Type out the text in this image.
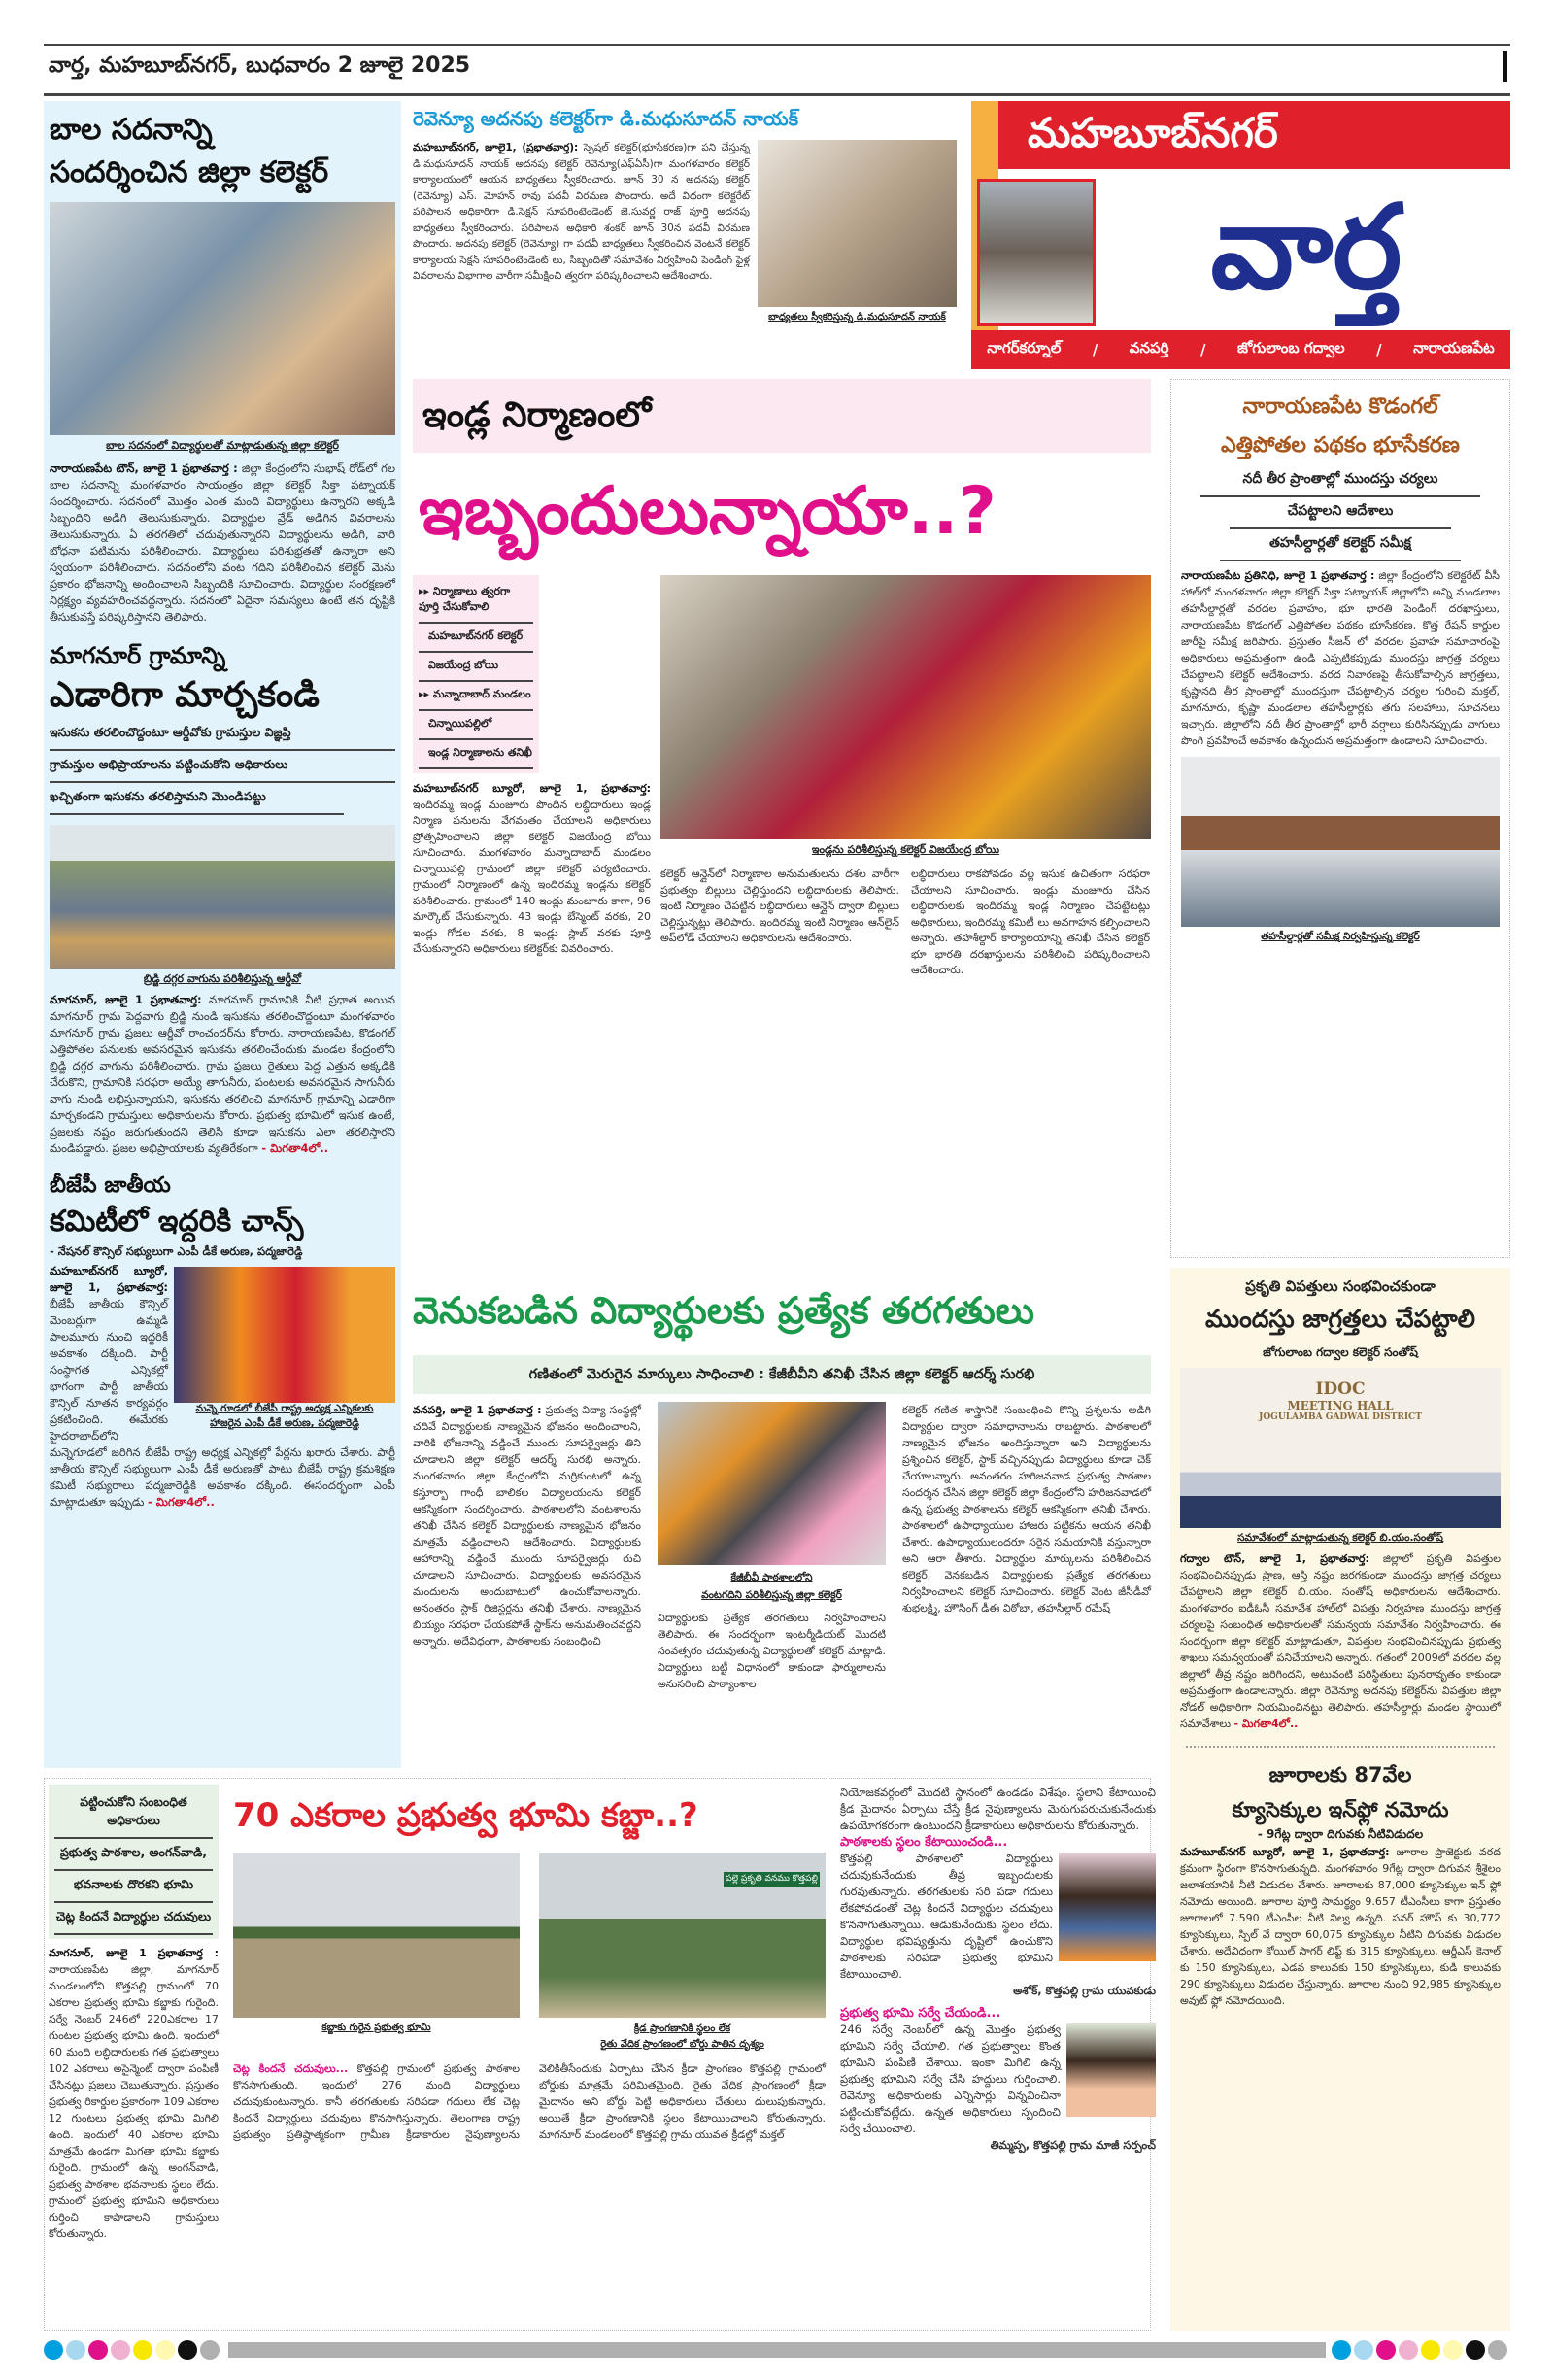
వార్త, మహబూబ్‌నగర్, బుధవారం 2 జూలై 2025
బాల సదనాన్ని
సందర్శించిన జిల్లా కలెక్టర్
బాల సదనంలో విద్యార్థులతో మాట్లాడుతున్న జిల్లా కలెక్టర్
నారాయణపేట టౌన్, జూలై 1 ప్రభాతవార్త : జిల్లా కేంద్రంలోని సుభాష్ రోడ్‌లో గల బాల సదనాన్ని మంగళవారం సాయంత్రం జిల్లా కలెక్టర్ సిక్తా పట్నాయక్ సందర్శించారు. సదనంలో మొత్తం ఎంత మంది విద్యార్థులు ఉన్నారని అక్కడి సిబ్బందిని అడిగి తెలుసుకున్నారు. విద్యార్థుల వ్రేడ్ అడిగిన వివరాలను తెలుసుకున్నారు. ఏ తరగతిలో చదువుతున్నారని విద్యార్థులను అడిగి, వారి బోధనా పటిమను పరిశీలించారు. విద్యార్థులు పరిశుభ్రతతో ఉన్నారా అని స్వయంగా పరిశీలించారు. సదనంలోని వంట గదిని పరిశీలించిన కలెక్టర్ మెను ప్రకారం భోజనాన్ని అందించాలని సిబ్బందికి సూచించారు. విద్యార్థుల సంరక్షణలో నిర్లక్ష్యం వ్యవహరించవద్దన్నారు. సదనంలో ఏదైనా సమస్యలు ఉంటే తన దృష్టికి తీసుకువస్తే పరిష్కరిస్తానని తెలిపారు.
మాగనూర్ గ్రామాన్ని
ఎడారిగా మార్చకండి
ఇసుకను తరలించొద్దంటూ ఆర్డీవోకు గ్రామస్తుల విజ్ఞప్తి
గ్రామస్తుల అభిప్రాయాలను పట్టించుకోని అధికారులు
ఖచ్చితంగా ఇసుకను తరలిస్తామని మొండిపట్టు
బ్రిడ్జి దగ్గర వాగును పరిశీలిస్తున్న ఆర్డీవో
మాగనూర్, జూలై 1 ప్రభాతవార్త: మాగనూర్ గ్రామానికి నీటి ప్రధాత అయిన మాగనూర్ గ్రామ పెద్దవాగు బ్రిడ్జి నుండి ఇసుకను తరలించొద్దంటూ మంగళవారం మాగనూర్ గ్రామ ప్రజలు ఆర్డీవో రాంచందర్‌ను కోరారు. నారాయణపేట, కొడంగల్ ఎత్తిపోతల పనులకు అవసరమైన ఇసుకను తరలించేందుకు మండల కేంద్రంలోని బ్రిడ్జి దగ్గర వాగును పరిశీలించారు. గ్రామ ప్రజలు రైతులు పెద్ద ఎత్తున అక్కడికి చేరుకొని, గ్రామానికి సరఫరా అయ్యే తాగునీరు, పంటలకు అవసరమైన సాగునీరు వాగు నుండి లభిస్తున్నాయని, ఇసుకను తరలించి మాగనూర్ గ్రామాన్ని ఎడారిగా మార్చకండని గ్రామస్తులు అధికారులను కోరారు. ప్రభుత్వ భూమిలో ఇసుక ఉంటే, ప్రజలకు నష్టం జరుగుతుందని తెలిసి కూడా ఇసుకను ఎలా తరలిస్తారని మండిపడ్డారు. ప్రజల అభిప్రాయాలకు వ్యతిరేకంగా - మిగతా4లో..
బీజేపీ జాతీయ
కమిటీలో ఇద్దరికి చాన్స్
- నేషనల్ కౌన్సిల్ సభ్యులుగా ఎంపీ డీకే అరుణ, పద్మజారెడ్డి
మన్నె గూడలో బీజేపీ రాష్ట్ర అధ్యక్ష ఎన్నికలకు
హాజరైన ఎంపీ డీకే అరుణ, పద్మజారెడ్డి
మహబూబ్‌నగర్ బ్యూరో, జూలై 1, ప్రభాతవార్త: బీజేపీ జాతీయ కౌన్సిల్ మెంబర్లుగా ఉమ్మడి పాలమూరు నుంచి ఇద్దరికీ అవకాశం దక్కింది. పార్టీ సంస్థాగత ఎన్నికల్లో భాగంగా పార్టీ జాతీయ కౌన్సిల్ నూతన కార్యవర్గం ప్రకటించింది. ఈమేరకు హైదరాబాద్‌లోని మన్నెగూడలో జరిగిన బీజేపీ రాష్ట్ర అధ్యక్ష ఎన్నికల్లో పేర్లను ఖరారు చేశారు. పార్టీ జాతీయ కౌన్సిల్ సభ్యులుగా ఎంపీ డీకే అరుణతో పాటు బీజేపీ రాష్ట్ర క్రమశిక్షణ కమిటీ సభ్యురాలు పద్మజారెడ్డికి అవకాశం దక్కింది. ఈసందర్భంగా ఎంపీ మాట్లాడుతూ ఇప్పుడు - మిగతా4లో..
రెవెన్యూ అదనపు కలెక్టర్‌గా డి.మధుసూదన్ నాయక్
బాధ్యతలు స్వీకరిస్తున్న డి.మధుసూదన్ నాయక్
మహబూబ్‌నగర్, జూలై1, (ప్రభాతవార్త): స్పెషల్ కలెక్టర్(భూసేకరణ)గా పని చేస్తున్న డి.మధుసూదన్ నాయక్ అదనపు కలెక్టర్ రెవెన్యూ(ఎఫ్ఏసీ)గా మంగళవారం కలెక్టర్ కార్యాలయంలో ఆయన బాధ్యతలు స్వీకరించారు. జూన్ 30 న అదనపు కలెక్టర్ (రెవెన్యూ) ఎస్. మోహన్ రావు పదవీ విరమణ పొందారు. అదే విధంగా కలెక్టరేట్ పరిపాలన అధికారిగా డి.సెక్షన్ సూపరింటెండెంట్ జె.సువర్ణ రాజ్ పూర్తి అదనపు బాధ్యతలు స్వీకరించారు. పరిపాలన అధికారి శంకర్ జూన్ 30న పదవీ విరమణ పొందారు. అదనపు కలెక్టర్ (రెవెన్యూ) గా పదవీ బాధ్యతలు స్వీకరించిన వెంటనే కలెక్టర్ కార్యాలయ సెక్షన్ సూపరింటెండెంట్ లు, సిబ్బందితో సమావేశం నిర్వహించి పెండింగ్ ఫైళ్ల వివరాలను విభాగాల వారీగా సమీక్షించి త్వరగా పరిష్కరించాలని ఆదేశించారు.
మహబూబ్‌నగర్
వార్త
నాగర్‌కర్నూల్ / వనపర్తి / జోగులాంబ గద్వాల / నారాయణపేట
ఇండ్ల నిర్మాణంలో
ఇబ్బందులున్నాయా..?
▸▸ నిర్మాణాలు త్వరగా పూర్తి చేసుకోవాలి
మహబూబ్‌నగర్ కలెక్టర్
విజయేంద్ర బోయి
▸▸ మన్నాదాబాద్ మండలం
చిన్నాయిపల్లిలో
ఇండ్ల నిర్మాణాలను తనిఖీ
మహబూబ్‌నగర్ బ్యూరో, జూలై 1, ప్రభాతవార్త: ఇందిరమ్మ ఇండ్ల మంజూరు పొందిన లబ్ధిదారులు ఇండ్ల నిర్మాణ పనులను వేగవంతం చేయాలని అధికారులు ప్రోత్సహించాలని జిల్లా కలెక్టర్ విజయేంద్ర బోయి సూచించారు. మంగళవారం మన్నాదాబాద్ మండలం చిన్నాయిపల్లి గ్రామంలో జిల్లా కలెక్టర్ పర్యటించారు. గ్రామంలో నిర్మాణంలో ఉన్న ఇందిరమ్మ ఇండ్లను కలెక్టర్ పరిశీలించారు. గ్రామంలో 140 ఇండ్లు మంజూరు కాగా, 96 మార్కౌట్ చేసుకున్నారు. 43 ఇండ్లు బేస్మెంట్ వరకు, 20 ఇండ్లు గోడల వరకు, 8 ఇండ్లు స్లాబ్ వరకు పూర్తి చేసుకున్నారని అధికారులు కలెక్టర్‌కు వివరించారు.
ఇండ్లను పరిశీలిస్తున్న కలెక్టర్ విజయేంద్ర బోయి
కలెక్టర్ ఆన్లైన్‌లో నిర్మాణాల అనుమతులను దశల వారీగా ప్రభుత్వం బిల్లులు చెల్లిస్తుందని లబ్ధిదారులకు తెలిపారు. ఇంటి నిర్మాణం చేపట్టిన లబ్ధిదారులు ఆన్లైన్ ద్వారా బిల్లులు చెల్లిస్తున్నట్లు తెలిపారు. ఇందిరమ్మ ఇంటి నిర్మాణం ఆన్‌లైన్ అప్‌లోడ్ చేయాలని అధికారులను ఆదేశించారు.
లబ్ధిదారులు రాకపోవడం వల్ల ఇసుక ఉచితంగా సరఫరా చేయాలని సూచించారు. ఇండ్లు మంజూరు చేసిన లబ్ధిదారులకు ఇందిరమ్మ ఇండ్ల నిర్మాణం చేపట్టేటట్లు అధికారులు, ఇందిరమ్మ కమిటీ లు అవగాహన కల్పించాలని అన్నారు. తహశీల్దార్ కార్యాలయాన్ని తనిఖీ చేసిన కలెక్టర్ భూ భారతి దరఖాస్తులను పరిశీలించి పరిష్కరించాలని ఆదేశించారు.
నారాయణపేట కొడంగల్
ఎత్తిపోతల పథకం భూసేకరణ
నదీ తీర ప్రాంతాల్లో ముందస్తు చర్యలు
చేపట్టాలని ఆదేశాలు
తహసీల్దార్లతో కలెక్టర్ సమీక్ష
నారాయణపేట ప్రతినిధి, జూలై 1 ప్రభాతవార్త : జిల్లా కేంద్రంలోని కలెక్టరేట్ వీసీ హాల్‌లో మంగళవారం జిల్లా కలెక్టర్ సిక్తా పట్నాయక్ జిల్లాలోని అన్ని మండలాల తహసీల్దార్లతో వరదల ప్రవాహం, భూ భారతి పెండింగ్ దరఖాస్తులు, నారాయణపేట కొడంగల్ ఎత్తిపోతల పథకం భూసేకరణ, కొత్త రేషన్ కార్డుల జారీపై సమీక్ష జరిపారు. ప్రస్తుతం సీజన్ లో వరదల ప్రవాహ సమాచారంపై అధికారులు అప్రమత్తంగా ఉండి ఎప్పటికప్పుడు ముందస్తు జాగ్రత్త చర్యలు చేపట్టాలని కలెక్టర్ ఆదేశించారు. వరద నివారణపై తీసుకోవాల్సిన జాగ్రత్తలు, కృష్ణానది తీర ప్రాంతాల్లో ముందస్తుగా చేపట్టాల్సిన చర్యల గురించి మక్తల్, మాగనూరు, కృష్ణా మండలాల తహసీల్దార్లకు తగు సలహాలు, సూచనలు ఇచ్చారు. జిల్లాలోని నదీ తీర ప్రాంతాల్లో భారీ వర్షాలు కురిసినప్పుడు వాగులు పొంగి ప్రవహించే అవకాశం ఉన్నందున అప్రమత్తంగా ఉండాలని సూచించారు.
తహసీల్దార్లతో సమీక్ష నిర్వహిస్తున్న కలెక్టర్
వెనుకబడిన విద్యార్థులకు ప్రత్యేక తరగతులు
గణితంలో మెరుగైన మార్కులు సాధించాలి : కేజీబీవీని తనిఖీ చేసిన జిల్లా కలెక్టర్ ఆదర్శ్ సురభి
వనపర్తి, జూలై 1 ప్రభాతవార్త : ప్రభుత్వ విద్యా సంస్థల్లో చదివే విద్యార్థులకు నాణ్యమైన భోజనం అందించాలని, వారికి భోజనాన్ని వడ్డించే ముందు సూపర్వైజర్లు తిని చూడాలని జిల్లా కలెక్టర్ ఆదర్శ్ సురభి అన్నారు. మంగళవారం జిల్లా కేంద్రంలోని మర్రికుంటలో ఉన్న కస్తూర్బా గాంధీ బాలికల విద్యాలయంను కలెక్టర్ ఆకస్మికంగా సందర్శించారు. పాఠశాలలోని వంటశాలను తనిఖీ చేసిన కలెక్టర్ విద్యార్థులకు నాణ్యమైన భోజనం మాత్రమే వడ్డించాలని ఆదేశించారు. విద్యార్థులకు ఆహారాన్ని వడ్డించే ముందు సూపర్వైజర్లు రుచి చూడాలని సూచించారు. విద్యార్థులకు అవసరమైన మందులను అందుబాటులో ఉంచుకోవాలన్నారు. అనంతరం స్టాక్ రిజిస్టర్లను తనిఖీ చేశారు. నాణ్యమైన బియ్యం సరఫరా చేయకపోతే స్టాక్‌ను అనుమతించవద్దని అన్నారు. అదేవిధంగా, పాఠశాలకు సంబంధించి
కేజీబీవీ పాఠశాలలోని
వంటగదిని పరిశీలిస్తున్న జిల్లా కలెక్టర్
విద్యార్థులకు ప్రత్యేక తరగతులు నిర్వహించాలని తెలిపారు. ఈ సందర్భంగా ఇంటర్మీడియట్ మొదటి సంవత్సరం చదువుతున్న విద్యార్థులతో కలెక్టర్ మాట్లాడి. విద్యార్థులు బట్టీ విధానంలో కాకుండా ఫార్ములాలను అనుసరించి పాఠ్యాంశాల
కలెక్టర్ గణిత శాస్త్రానికి సంబంధించి కొన్ని ప్రశ్నలను అడిగి విద్యార్థుల ద్వారా సమాధానాలను రాబట్టారు. పాఠశాలలో నాణ్యమైన భోజనం అందిస్తున్నారా అని విద్యార్థులను ప్రశ్నించిన కలెక్టర్, స్టాక్ వచ్చినప్పుడు విద్యార్థులు కూడా చెక్ చేయాలన్నారు. అనంతరం హరిజనవాడ ప్రభుత్వ పాఠశాల సందర్శన చేసిన జిల్లా కలెక్టర్ జిల్లా కేంద్రంలోని హరిజనవాడలో ఉన్న ప్రభుత్వ పాఠశాలను కలెక్టర్ ఆకస్మికంగా తనిఖీ చేశారు. పాఠశాలలో ఉపాధ్యాయుల హాజరు పట్టికను ఆయన తనిఖీ చేశారు. ఉపాధ్యాయులందరూ సరైన సమయానికి వస్తున్నారా అని ఆరా తీశారు. విద్యార్థుల మార్కులను పరిశీలించిన కలెక్టర్, వెనకబడిన విద్యార్థులకు ప్రత్యేక తరగతులు నిర్వహించాలని కలెక్టర్ సూచించారు. కలెక్టర్ వెంట జీసీడీవో శుభలక్ష్మి, హౌసింగ్ డీఈ విఠోబా, తహసీల్దార్ రమేష్
ప్రకృతి విపత్తులు సంభవించకుండా
ముందస్తు జాగ్రత్తలు చేపట్టాలి
జోగులాంబ గద్వాల కలెక్టర్ సంతోష్
IDOC
MEETING HALL
JOGULAMBA GADWAL DISTRICT
సమావేశంలో మాట్లాడుతున్న కలెక్టర్ బి.యం.సంతోష్
గద్వాల టౌన్, జూలై 1, ప్రభాతవార్త: జిల్లాలో ప్రకృతి విపత్తుల సంభవించినప్పుడు ప్రాణ, ఆస్తి నష్టం జరగకుండా ముందస్తు జాగ్రత్త చర్యలు చేపట్టాలని జిల్లా కలెక్టర్ బి.యం. సంతోష్ అధికారులను ఆదేశించారు. మంగళవారం ఐడీఓసీ సమావేశ హాల్‌లో విపత్తు నిర్వహణ ముందస్తు జాగ్రత్త చర్యలపై సంబంధిత అధికారులతో సమన్వయ సమావేశం నిర్వహించారు. ఈ సందర్భంగా జిల్లా కలెక్టర్ మాట్లాడుతూ, విపత్తుల సంభవించినప్పుడు ప్రభుత్వ శాఖలు సమన్వయంతో పనిచేయాలని అన్నారు. గతంలో 2009లో వరదల వల్ల జిల్లాలో తీవ్ర నష్టం జరిగిందని, అటువంటి పరిస్థితులు పునరావృతం కాకుండా అప్రమత్తంగా ఉండాలన్నారు. జిల్లా రెవెన్యూ అదనపు కలెక్టర్‌ను విపత్తుల జిల్లా నోడల్ అధికారిగా నియమించినట్టు తెలిపారు. తహసీల్దార్లు మండల స్థాయిలో సమావేశాలు - మిగతా4లో..
జూరాలకు 87వేల
క్యూసెక్కుల ఇన్‌ఫ్లో నమోదు
- 9గేట్ల ద్వారా దిగువకు నీటివిడుదల
మహబూబ్‌నగర్ బ్యూరో, జూలై 1, ప్రభాతవార్త: జూరాల ప్రాజెక్టుకు వరద క్రమంగా స్థిరంగా కొనసాగుతున్నది. మంగళవారం 9గేట్ల ద్వారా దిగువన శ్రీశైలం జలాశయానికి నీటి విడుదల చేశారు. జూరాలకు 87,000 క్యూసెక్కుల ఇన్ ఫ్లో నమోదు అయింది. జూరాల పూర్తి సామర్థ్యం 9.657 టీఎంసీలు కాగా ప్రస్తుతం జూరాలలో 7.590 టీఎంసీల నీటి నిల్వ ఉన్నది. పవర్ హౌస్ కు 30,772 క్యూసెక్కులు, స్పిల్ వే ద్వారా 60,075 క్యూసెక్కుల నీటిని దిగువకు విడుదల చేశారు. అదేవిధంగా కోయిల్ సాగర్ లిఫ్ట్ కు 315 క్యూసెక్కులు, ఆర్డీఎస్ కెనాల్ కు 150 క్యూసెక్కులు, ఎడవ కాలువకు 150 క్యూసెక్కులు, కుడి కాలువకు 290 క్యూసెక్కులు విడుదల చేస్తున్నారు. జూరాల నుంచి 92,985 క్యూసెక్కుల అవుట్ ఫ్లో నమోదయింది.
పట్టించుకోని సంబంధిత అధికారులు
ప్రభుత్వ పాఠశాల, అంగన్‌వాడి,
భవనాలకు దొరకని భూమి
చెట్ల కిందనే విద్యార్థుల చదువులు
మాగనూర్, జూలై 1 ప్రభాతవార్త : నారాయణపేట జిల్లా, మాగనూర్ మండలంలోని కొత్తపల్లి గ్రామంలో 70 ఎకరాల ప్రభుత్వ భూమి కబ్జాకు గురైంది. సర్వే నెంబర్ 246లో 220ఎకరాల 17 గుంటల ప్రభుత్వ భూమి ఉంది. ఇందులో 60 మంది లబ్ధిదారులకు గత ప్రభుత్వాలు 102 ఎకరాలు అసైన్మెంట్ ద్వారా పంపిణీ చేసినట్లు ప్రజలు చెబుతున్నారు. ప్రస్తుతం ప్రభుత్వ రికార్డుల ప్రకారంగా 109 ఎకరాల 12 గుంటలు ప్రభుత్వ భూమి మిగిలి ఉంది. ఇందులో 40 ఎకరాల భూమి మాత్రమే ఉండగా మిగతా భూమి కబ్జాకు గురైంది. గ్రామంలో ఉన్న అంగన్‌వాడి, ప్రభుత్వ పాఠశాల భవనాలకు స్థలం లేదు. గ్రామంలో ప్రభుత్వ భూమిని అధికారులు గుర్తించి కాపాడాలని గ్రామస్తులు కోరుతున్నారు.
70 ఎకరాల ప్రభుత్వ భూమి కబ్జా..?
కబ్జాకు గురైన ప్రభుత్వ భూమి
పల్లె ప్రకృతి వనము కొత్తపల్లి
క్రీడ ప్రాంగణానికి స్థలం లేక
రైతు వేదిక ప్రాంగణంలో బోర్డు పాతిన దృశ్యం
చెట్ల కిందనే చదువులు... కొత్తపల్లి గ్రామంలో ప్రభుత్వ పాఠశాల కొనసాగుతుంది. ఇందులో 276 మంది విద్యార్థులు చదువుకుంటున్నారు. కానీ తరగతులకు సరిపడా గదులు లేక చెట్ల కిందనే విద్యార్థులు చదువులు కొనసాగిస్తున్నారు. తెలంగాణ రాష్ట్ర ప్రభుత్వం ప్రతిష్ఠాత్మకంగా గ్రామీణ క్రీడాకారుల నైపుణ్యాలను వెలికితీసేందుకు ఏర్పాటు చేసిన క్రీడా ప్రాంగణం కొత్తపల్లి గ్రామంలో బోర్డుకు మాత్రమే పరిమితమైంది. రైతు వేదిక ప్రాంగణంలో క్రీడా మైదానం అని బోర్డు పెట్టి అధికారులు చేతులు దులుపుకున్నారు. అయితే క్రీడా ప్రాంగణానికి స్థలం కేటాయించాలని కోరుతున్నారు. మాగనూర్ మండలంలో కొత్తపల్లి గ్రామ యువత క్రీడల్లో మక్తల్
నియోజకవర్గంలో మొదటి స్థానంలో ఉండడం విశేషం. స్థలాని కేటాయించి క్రీడ మైదానం ఏర్పాటు చేస్తే క్రీడ నైపుణ్యాలను మెరుగుపరుచుకునేందుకు ఉపయోగకరంగా ఉంటుందని క్రీడాకారులు అధికారులను కోరుతున్నారు.
పాఠశాలకు స్థలం కేటాయించండి...
కొత్తపల్లి పాఠశాలలో విద్యార్థులు చదువుకునేందుకు తీవ్ర ఇబ్బందులకు గురవుతున్నారు. తరగతులకు సరి పడా గదులు లేకపోవడంతో చెట్ల కిందనే విద్యార్థుల చదువులు కొనసాగుతున్నాయి. ఆడుకునేందుకు స్థలం లేదు. విద్యార్థుల భవిష్యత్తును దృష్టిలో ఉంచుకొని పాఠశాలకు సరిపడా ప్రభుత్వ భూమిని కేటాయించాలి.
అశోక్, కొత్తపల్లి గ్రామ యువకుడు
ప్రభుత్వ భూమి సర్వే చేయండి...
246 సర్వే నెంబర్‌లో ఉన్న మొత్తం ప్రభుత్వ భూమిని సర్వే చేయాలి. గత ప్రభుత్వాలు కొంత భూమిని పంపిణీ చేశాయి. ఇంకా మిగిలి ఉన్న ప్రభుత్వ భూమిని సర్వే చేసి హద్దులు గుర్తించాలి. రెవెన్యూ అధికారులకు ఎన్నిసార్లు విన్నవించినా పట్టించుకోవట్లేదు. ఉన్నత అధికారులు స్పందించి సర్వే చేయించాలి.
తిమ్మప్ప, కొత్తపల్లి గ్రామ మాజీ సర్పంచ్
